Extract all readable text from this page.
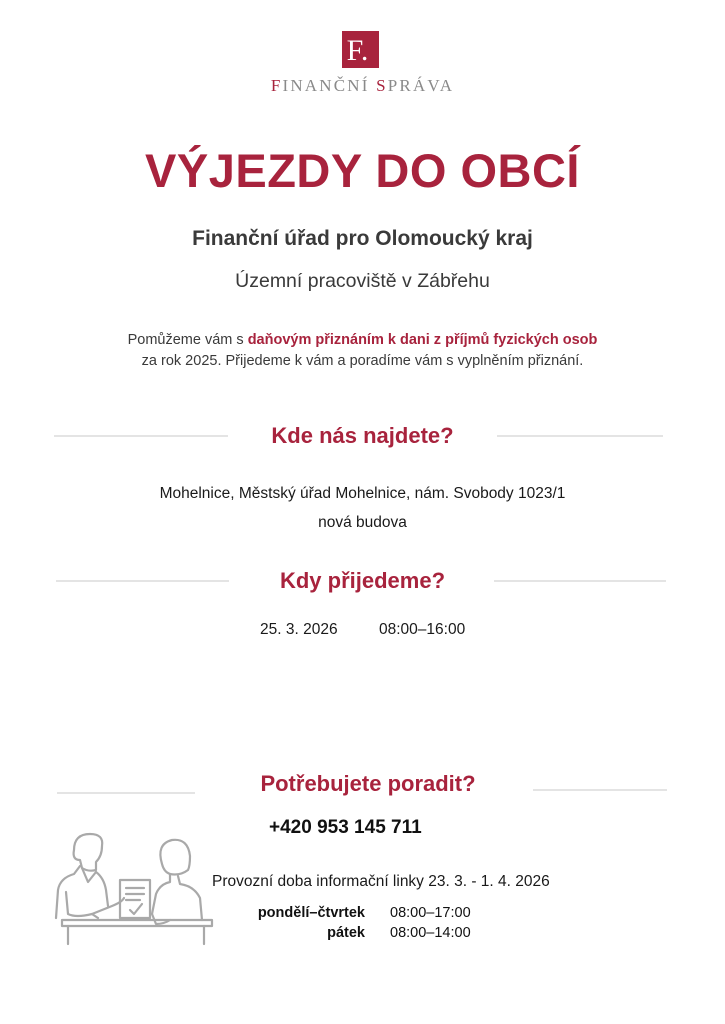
F.
FINANČNÍ SPRÁVA
VÝJEZDY DO OBCÍ
Finanční úřad pro Olomoucký kraj
Územní pracoviště v Zábřehu
Pomůžeme vám s daňovým přiznáním k dani z příjmů fyzických osob
za rok 2025. Přijedeme k vám a poradíme vám s vyplněním přiznání.
Kde nás najdete?
Mohelnice, Městský úřad Mohelnice, nám. Svobody 1023/1
nová budova
Kdy přijedeme?
25. 3. 2026	08:00–16:00
Potřebujete poradit?
+420 953 145 711
Provozní doba informační linky 23. 3. - 1. 4. 2026
pondělí–čtvrtek 08:00–17:00
pátek 08:00–14:00
